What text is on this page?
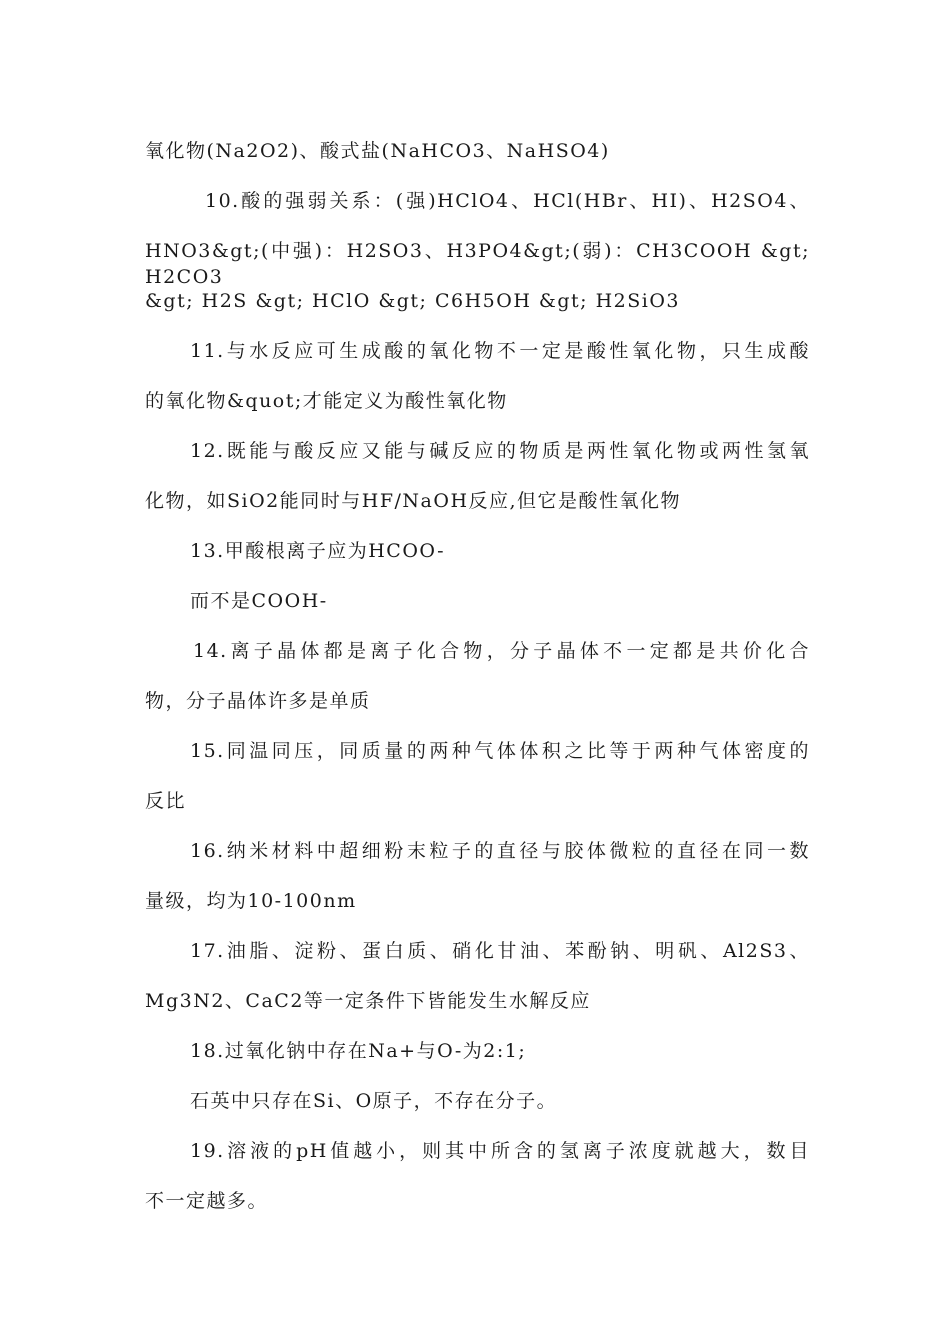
氧化物(Na2O2)、酸式盐(NaHCO3、NaHSO4)
10.酸的强弱关系：(强)HClO4、HCl(HBr、HI)、H2SO4、
HNO3&gt;(中强)：H2SO3、H3PO4&gt;(弱)：CH3COOH &gt; H2CO3
&gt; H2S &gt; HClO &gt; C6H5OH &gt; H2SiO3
11.与水反应可生成酸的氧化物不一定是酸性氧化物，只生成酸
的氧化物&quot;才能定义为酸性氧化物
12.既能与酸反应又能与碱反应的物质是两性氧化物或两性氢氧
化物，如SiO2能同时与HF/NaOH反应,但它是酸性氧化物
13.甲酸根离子应为HCOO-
而不是COOH-
14.离子晶体都是离子化合物，分子晶体不一定都是共价化合
物，分子晶体许多是单质
15.同温同压，同质量的两种气体体积之比等于两种气体密度的
反比
16.纳米材料中超细粉末粒子的直径与胶体微粒的直径在同一数
量级，均为10-100nm
17.油脂、淀粉、蛋白质、硝化甘油、苯酚钠、明矾、Al2S3、
Mg3N2、CaC2等一定条件下皆能发生水解反应
18.过氧化钠中存在Na+与O-为2:1;
石英中只存在Si、O原子，不存在分子。
19.溶液的pH值越小，则其中所含的氢离子浓度就越大，数目
不一定越多。
